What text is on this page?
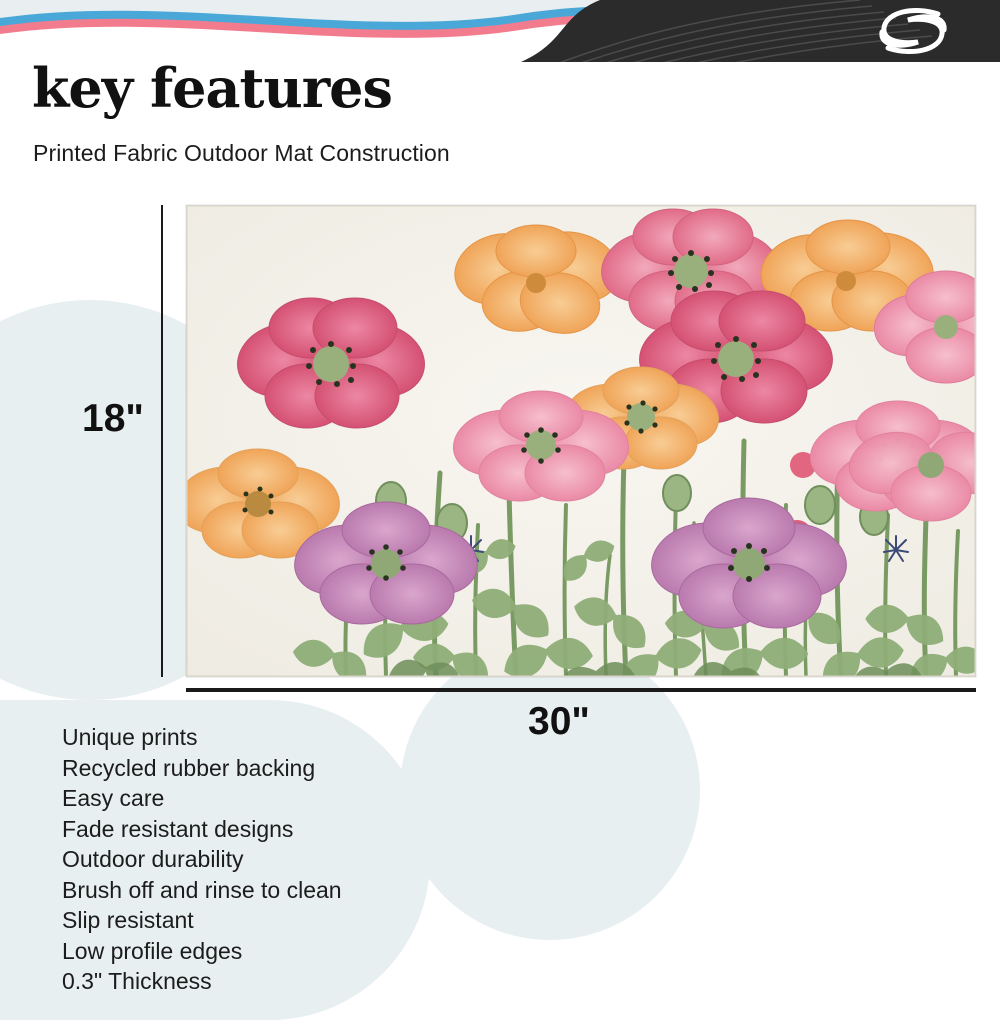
key features
Printed Fabric Outdoor Mat Construction
18"
30"
Unique prints
Recycled rubber backing
Easy care
Fade resistant designs
Outdoor durability
Brush off and rinse to clean
Slip resistant
Low profile edges
0.3" Thickness
